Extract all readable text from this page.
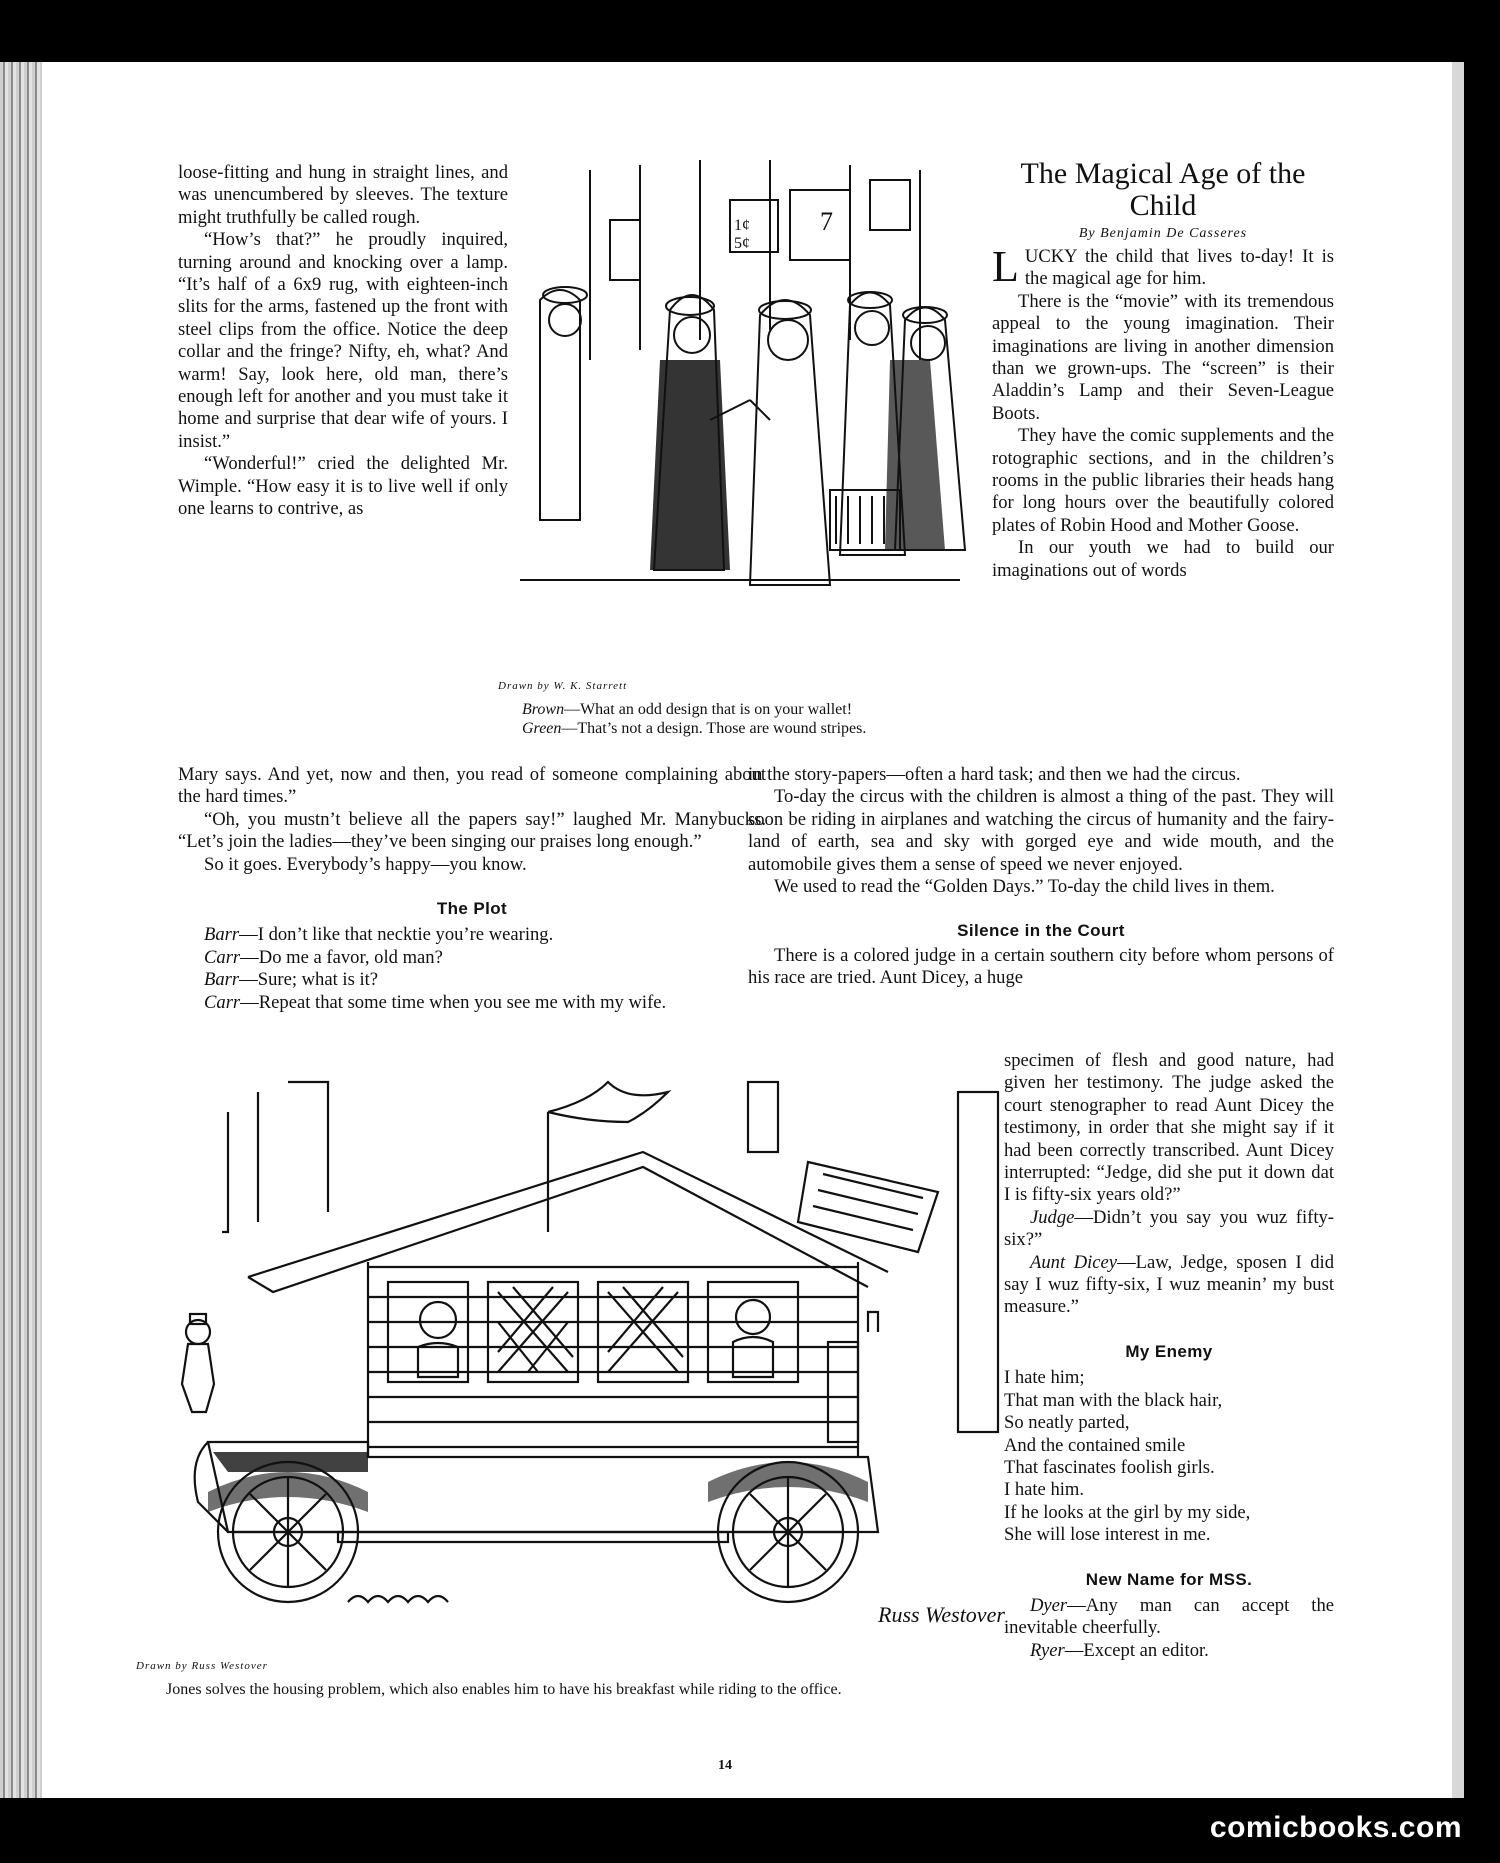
loose-fitting and hung in straight lines, and was unencumbered by sleeves. The texture might truthfully be called rough.

“How’s that?” he proudly inquired, turning around and knocking over a lamp. “It’s half of a 6x9 rug, with eighteen-inch slits for the arms, fastened up the front with steel clips from the office. Notice the deep collar and the fringe? Nifty, eh, what? And warm! Say, look here, old man, there’s enough left for another and you must take it home and surprise that dear wife of yours. I insist.”

“Wonderful!” cried the delighted Mr. Wimple. “How easy it is to live well if only one learns to contrive, as

1¢
5¢
7
Drawn by W. K. Starrett
Brown—What an odd design that is on your wallet!
Green—That’s not a design. Those are wound stripes.
The Magical Age of the Child
By Benjamin De Casseres

LUCKY the child that lives to-day! It is the magical age for him.

There is the “movie” with its tremendous appeal to the young imagination. Their imaginations are living in another dimension than we grown-ups. The “screen” is their Aladdin’s Lamp and their Seven-League Boots.

They have the comic supplements and the rotographic sections, and in the children’s rooms in the public libraries their heads hang for long hours over the beautifully colored plates of Robin Hood and Mother Goose.

In our youth we had to build our imaginations out of words

Mary says. And yet, now and then, you read of someone complaining about the hard times.”

“Oh, you mustn’t believe all the papers say!” laughed Mr. Manybucks. “Let’s join the ladies—they’ve been singing our praises long enough.”

So it goes. Everybody’s happy—you know.

The Plot

Barr—I don’t like that necktie you’re wearing.

Carr—Do me a favor, old man?

Barr—Sure; what is it?

Carr—Repeat that some time when you see me with my wife.

in the story-papers—often a hard task; and then we had the circus.

To-day the circus with the children is almost a thing of the past. They will soon be riding in airplanes and watching the circus of humanity and the fairy-land of earth, sea and sky with gorged eye and wide mouth, and the automobile gives them a sense of speed we never enjoyed.

We used to read the “Golden Days.” To-day the child lives in them.

Silence in the Court

There is a colored judge in a certain southern city before whom persons of his race are tried. Aunt Dicey, a huge

specimen of flesh and good nature, had given her testimony. The judge asked the court stenographer to read Aunt Dicey the testimony, in order that she might say if it had been correctly transcribed. Aunt Dicey interrupted: “Jedge, did she put it down dat I is fifty-six years old?”

Judge—Didn’t you say you wuz fifty-six?”

Aunt Dicey—Law, Jedge, sposen I did say I wuz fifty-six, I wuz meanin’ my bust measure.”

My Enemy

I hate him;

That man with the black hair,

So neatly parted,

And the contained smile

That fascinates foolish girls.

I hate him.

If he looks at the girl by my side,

She will lose interest in me.

New Name for MSS.

Dyer—Any man can accept the inevitable cheerfully.

Ryer—Except an editor.

Russ Westover
Drawn by Russ Westover
Jones solves the housing problem, which also enables him to have his breakfast while riding to the office.
14
comicbooks.com
